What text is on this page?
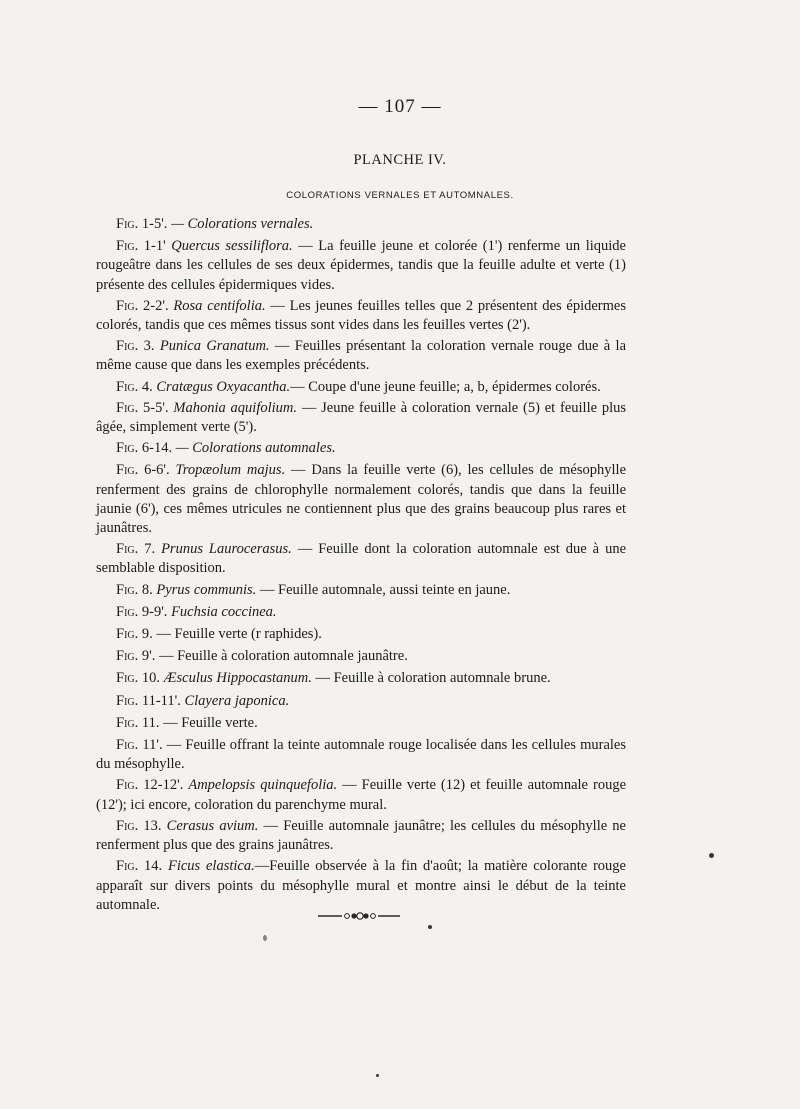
— 107 —
PLANCHE IV.
COLORATIONS VERNALES ET AUTOMNALES.

Fig. 1-5'. — Colorations vernales.

Fig. 1-1' Quercus sessiliflora. — La feuille jeune et colorée (1') renferme un liquide rougeâtre dans les cellules de ses deux épidermes, tandis que la feuille adulte et verte (1) présente des cellules épidermiques vides.

Fig. 2-2'. Rosa centifolia. — Les jeunes feuilles telles que 2 présentent des épidermes colorés, tandis que ces mêmes tissus sont vides dans les feuilles vertes (2').

Fig. 3. Punica Granatum. — Feuilles présentant la coloration vernale rouge due à la même cause que dans les exemples précédents.

Fig. 4. Cratægus Oxyacantha.— Coupe d'une jeune feuille; a, b, épidermes colorés.

Fig. 5-5'. Mahonia aquifolium. — Jeune feuille à coloration vernale (5) et feuille plus âgée, simplement verte (5').

Fig. 6-14. — Colorations automnales.

Fig. 6-6'. Tropæolum majus. — Dans la feuille verte (6), les cellules de mésophylle renferment des grains de chlorophylle normalement colorés, tandis que dans la feuille jaunie (6'), ces mêmes utricules ne contiennent plus que des grains beaucoup plus rares et jaunâtres.

Fig. 7. Prunus Laurocerasus. — Feuille dont la coloration automnale est due à une semblable disposition.

Fig. 8. Pyrus communis. — Feuille automnale, aussi teinte en jaune.

Fig. 9-9'. Fuchsia coccinea.

Fig. 9. — Feuille verte (r raphides).

Fig. 9'. — Feuille à coloration automnale jaunâtre.

Fig. 10. Æsculus Hippocastanum. — Feuille à coloration automnale brune.

Fig. 11-11'. Clayera japonica.

Fig. 11. — Feuille verte.

Fig. 11'. — Feuille offrant la teinte automnale rouge localisée dans les cellules murales du mésophylle.

Fig. 12-12'. Ampelopsis quinquefolia. — Feuille verte (12) et feuille automnale rouge (12'); ici encore, coloration du parenchyme mural.

Fig. 13. Cerasus avium. — Feuille automnale jaunâtre; les cellules du mésophylle ne renferment plus que des grains jaunâtres.

Fig. 14. Ficus elastica.—Feuille observée à la fin d'août; la matière colorante rouge apparaît sur divers points du mésophylle mural et montre ainsi le début de la teinte automnale.
